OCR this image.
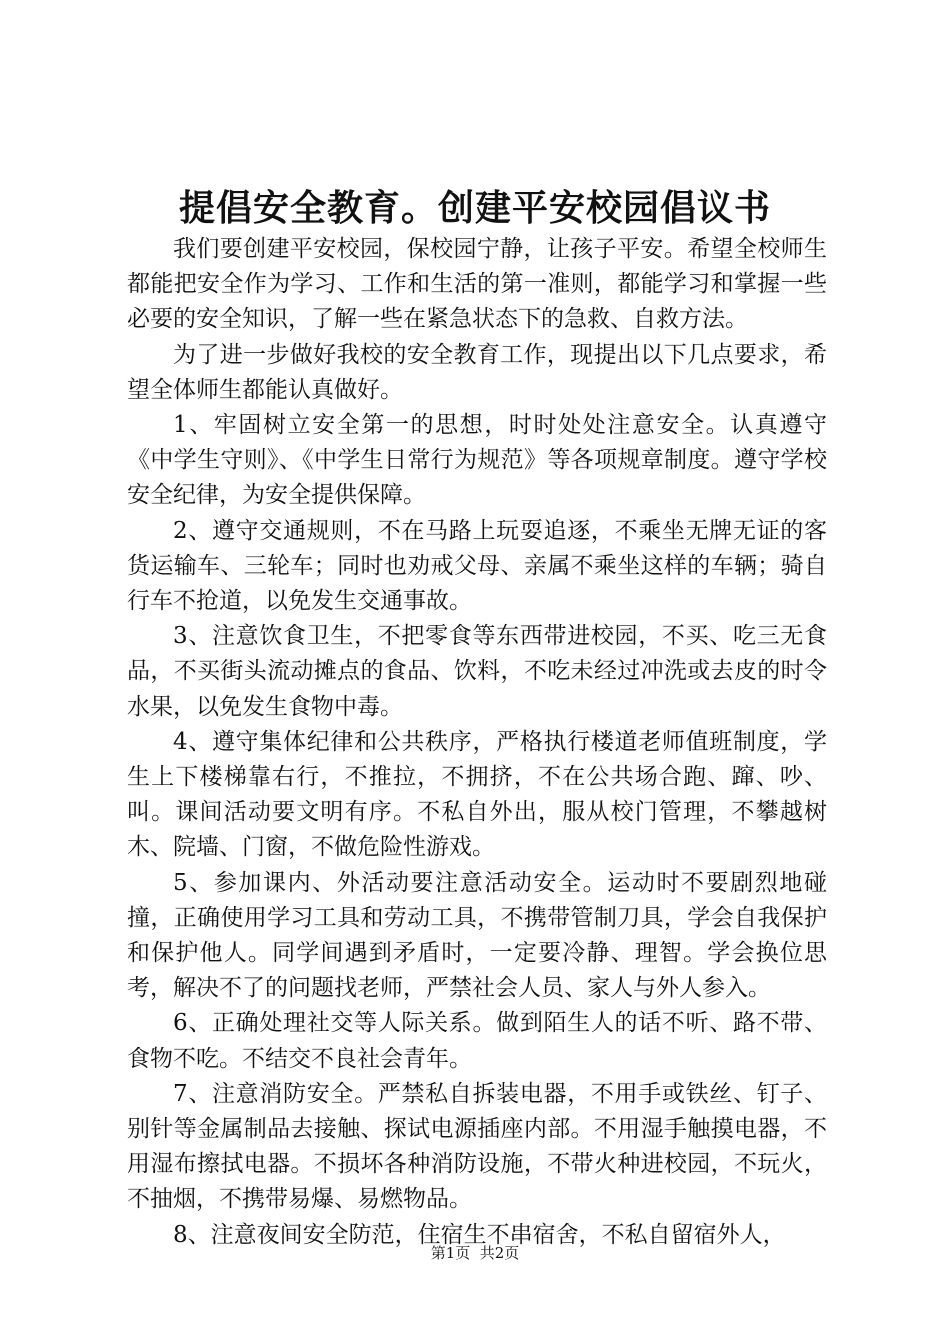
提倡安全教育。创建平安校园倡议书

我们要创建平安校园，保校园宁静，让孩子平安。希望全校师生都能把安全作为学习、工作和生活的第一准则，都能学习和掌握一些必要的安全知识，了解一些在紧急状态下的急救、自救方法。

为了进一步做好我校的安全教育工作，现提出以下几点要求，希望全体师生都能认真做好。

1、牢固树立安全第一的思想，时时处处注意安全。认真遵守《中学生守则》、《中学生日常行为规范》等各项规章制度。遵守学校安全纪律，为安全提供保障。

2、遵守交通规则，不在马路上玩耍追逐，不乘坐无牌无证的客货运输车、三轮车；同时也劝戒父母、亲属不乘坐这样的车辆；骑自行车不抢道，以免发生交通事故。

3、注意饮食卫生，不把零食等东西带进校园，不买、吃三无食品，不买街头流动摊点的食品、饮料，不吃未经过冲洗或去皮的时令水果，以免发生食物中毒。

4、遵守集体纪律和公共秩序，严格执行楼道老师值班制度，学生上下楼梯靠右行，不推拉，不拥挤，不在公共场合跑、蹿、吵、叫。课间活动要文明有序。不私自外出，服从校门管理，不攀越树木、院墙、门窗，不做危险性游戏。

5、参加课内、外活动要注意活动安全。运动时不要剧烈地碰撞，正确使用学习工具和劳动工具，不携带管制刀具，学会自我保护和保护他人。同学间遇到矛盾时，一定要冷静、理智。学会换位思考，解决不了的问题找老师，严禁社会人员、家人与外人参入。

6、正确处理社交等人际关系。做到陌生人的话不听、路不带、食物不吃。不结交不良社会青年。

7、注意消防安全。严禁私自拆装电器，不用手或铁丝、钉子、别针等金属制品去接触、探试电源插座内部。不用湿手触摸电器，不用湿布擦拭电器。不损坏各种消防设施，不带火种进校园，不玩火，不抽烟，不携带易爆、易燃物品。

8、注意夜间安全防范，住宿生不串宿舍，不私自留宿外人，

第1页  共2页
